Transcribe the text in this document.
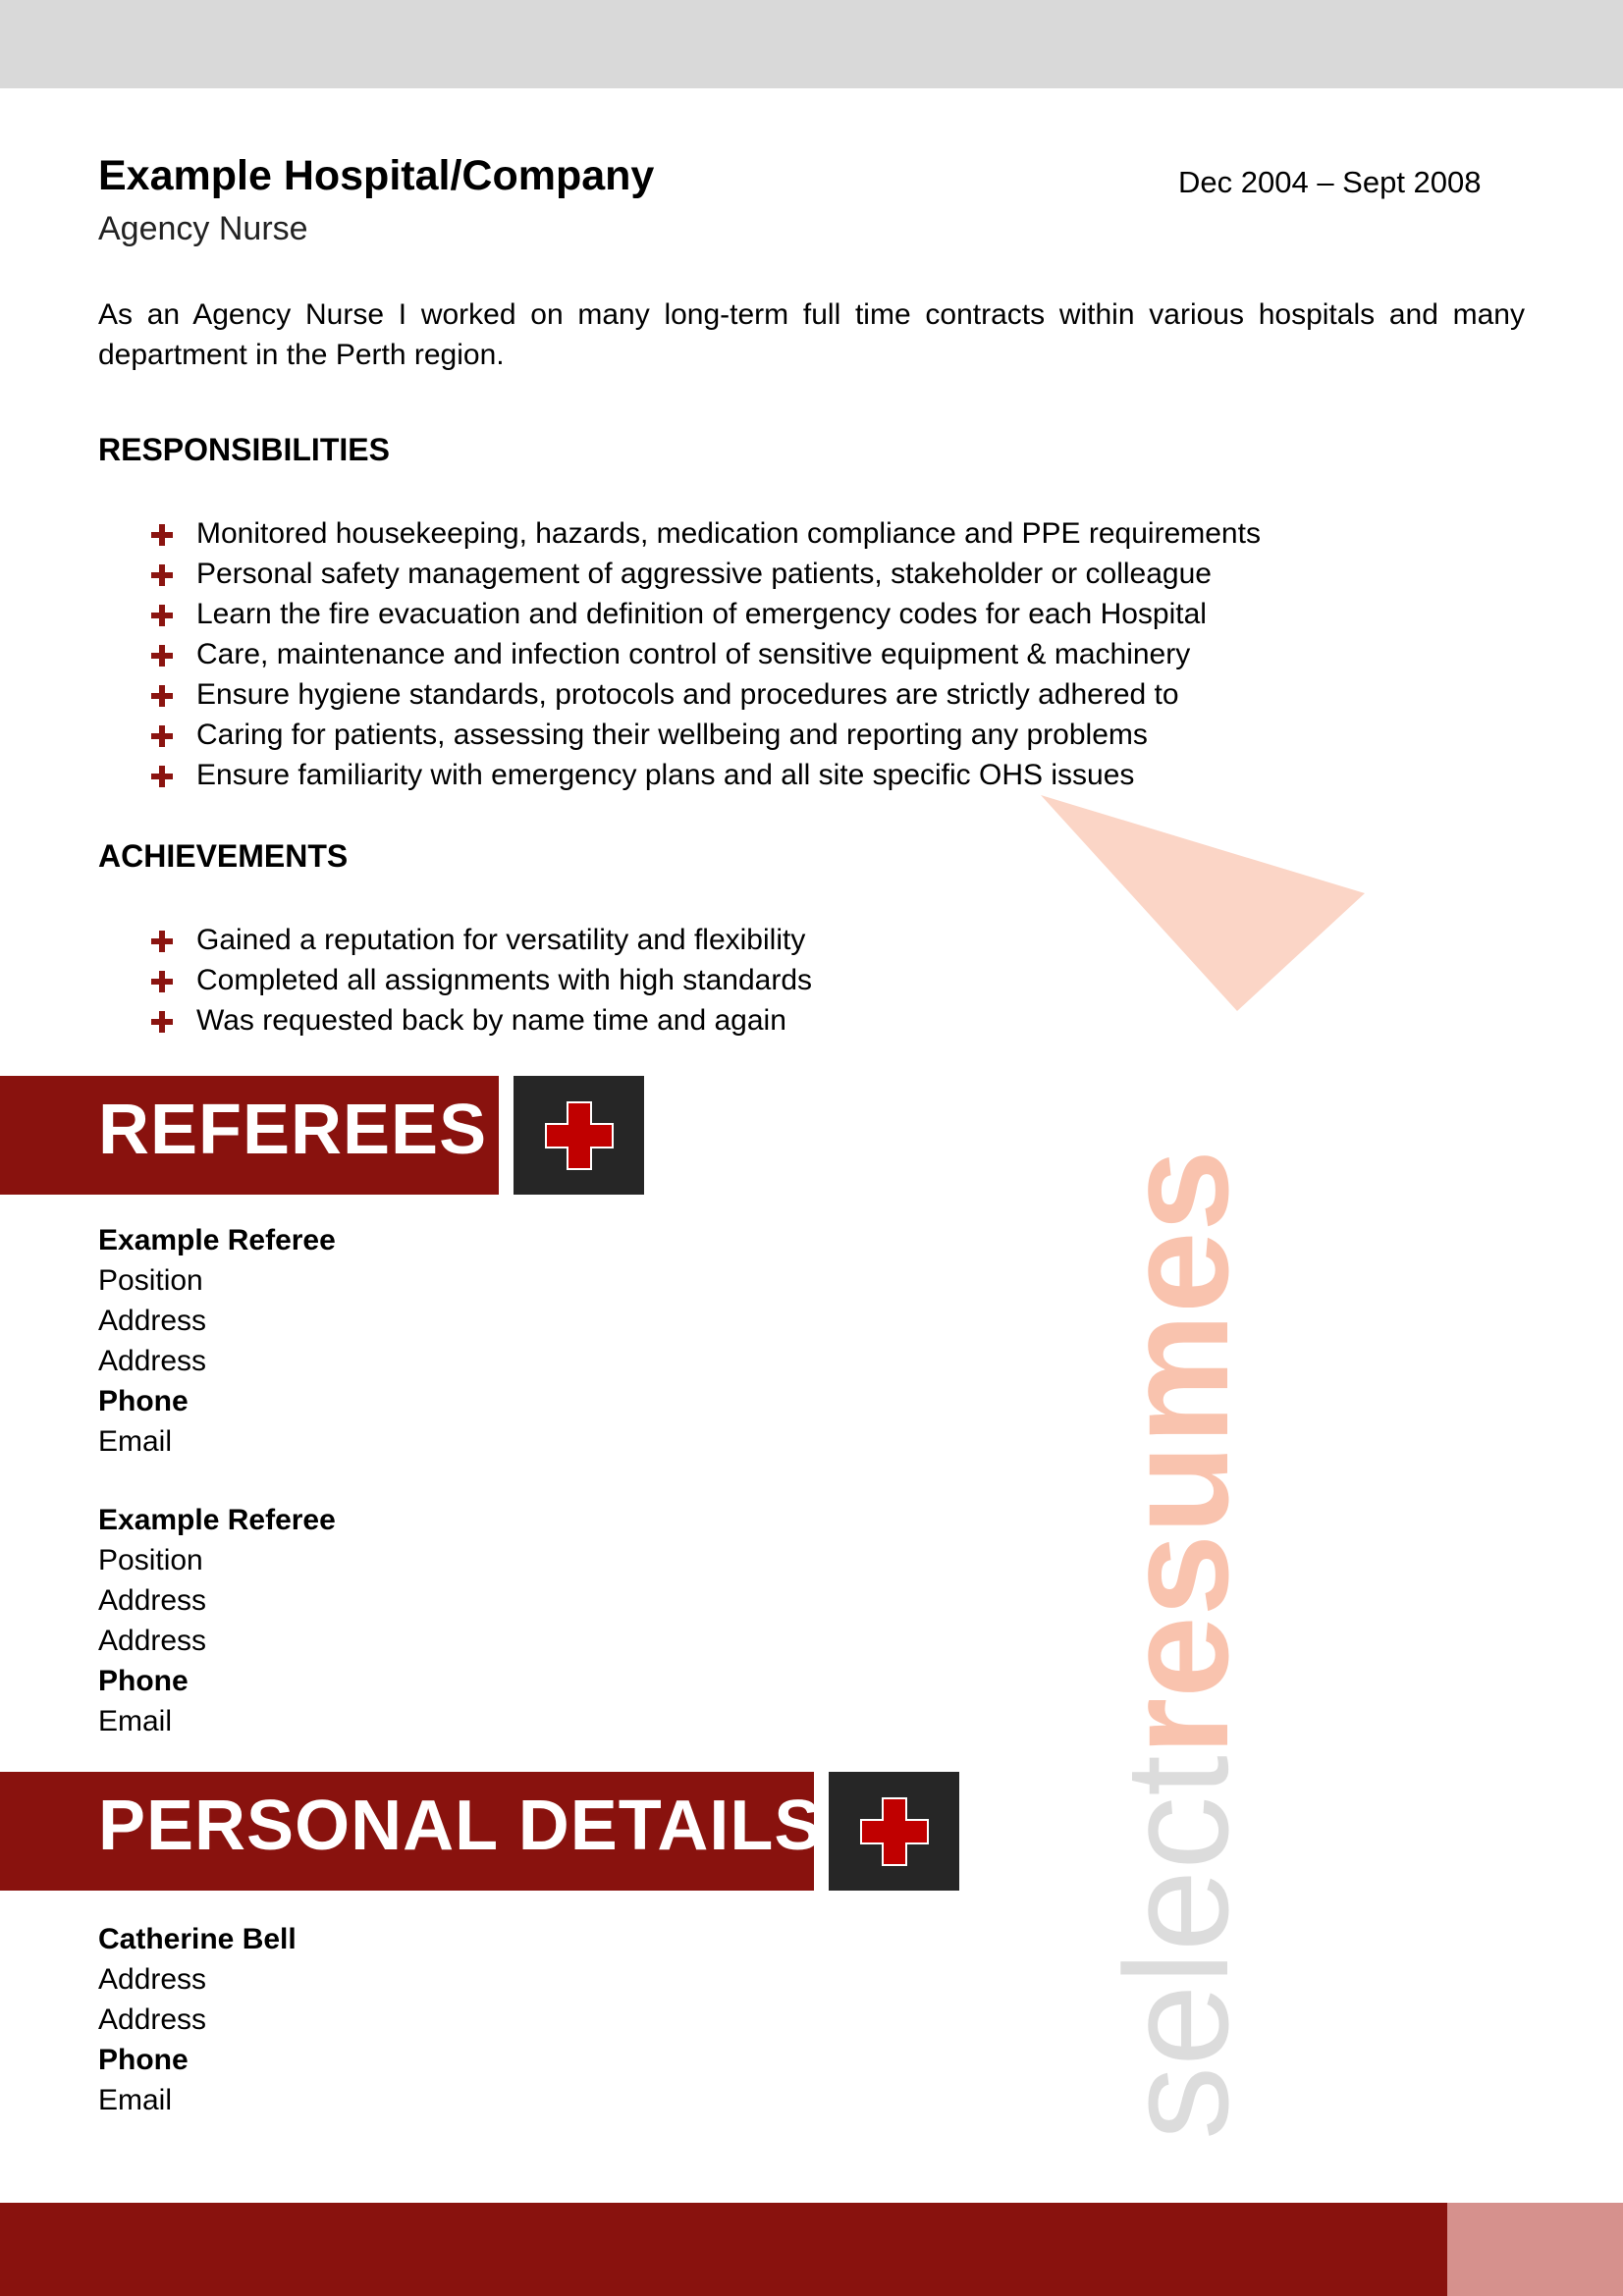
selectresumes
Example Hospital/Company	Dec 2004 – Sept 2008
Agency Nurse

As an Agency Nurse I worked on many long-term full time contracts within various hospitals and many department in the Perth region.

RESPONSIBILITIES
Monitored housekeeping, hazards, medication compliance and PPE requirements
Personal safety management of aggressive patients, stakeholder or colleague
Learn the fire evacuation and definition of emergency codes for each Hospital
Care, maintenance and infection control of sensitive equipment & machinery
Ensure hygiene standards, protocols and procedures are strictly adhered to
Caring for patients, assessing their wellbeing and reporting any problems
Ensure familiarity with emergency plans and all site specific OHS issues
ACHIEVEMENTS
Gained a reputation for versatility and flexibility
Completed all assignments with high standards
Was requested back by name time and again
REFEREES
Example Referee
Position
Address
Address
Phone
Email
Example Referee
Position
Address
Address
Phone
Email
PERSONAL DETAILS
Catherine Bell
Address
Address
Phone
Email
